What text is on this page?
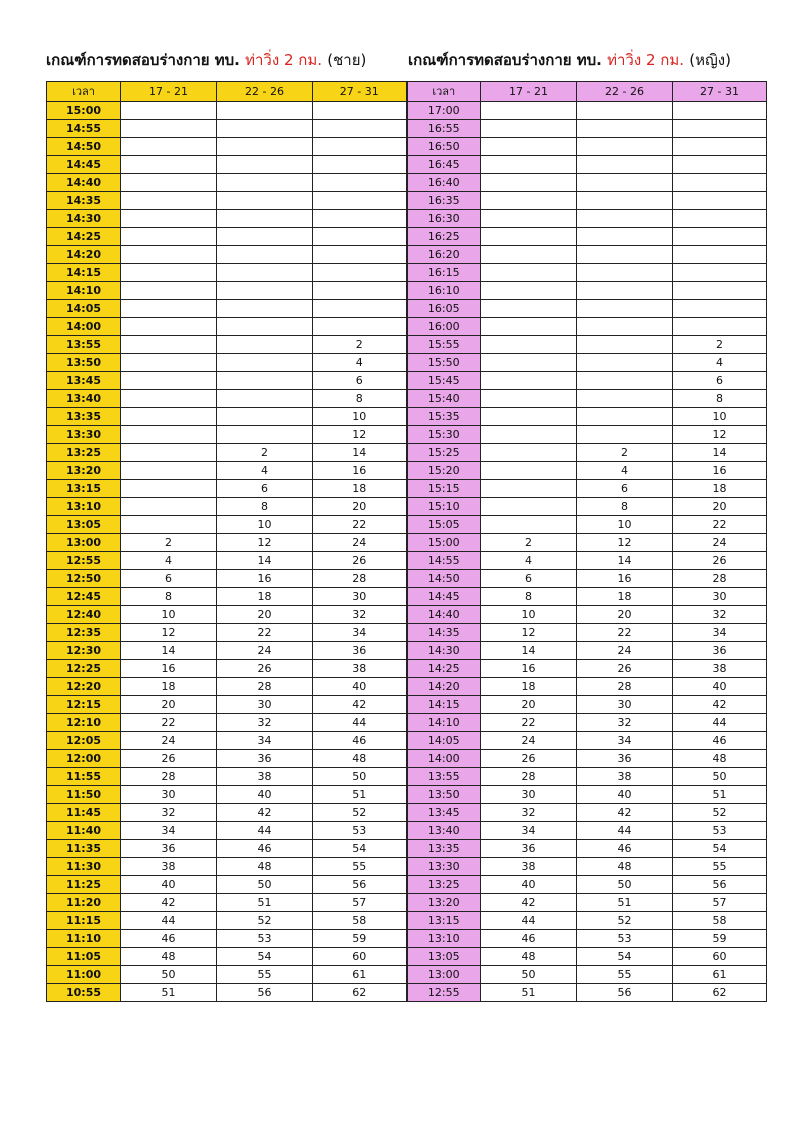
เกณฑ์การทดสอบร่างกาย ทบ. ท่าวิ่ง 2 กม. (ชาย)	เกณฑ์การทดสอบร่างกาย ทบ. ท่าวิ่ง 2 กม. (หญิง)
เวลา	17 - 21	22 - 26	27 - 31	เวลา	17 - 21	22 - 26	27 - 31
15:00				17:00			
14:55				16:55			
14:50				16:50			
14:45				16:45			
14:40				16:40			
14:35				16:35			
14:30				16:30			
14:25				16:25			
14:20				16:20			
14:15				16:15			
14:10				16:10			
14:05				16:05			
14:00				16:00			
13:55			2	15:55			2
13:50			4	15:50			4
13:45			6	15:45			6
13:40			8	15:40			8
13:35			10	15:35			10
13:30			12	15:30			12
13:25		2	14	15:25		2	14
13:20		4	16	15:20		4	16
13:15		6	18	15:15		6	18
13:10		8	20	15:10		8	20
13:05		10	22	15:05		10	22
13:00	2	12	24	15:00	2	12	24
12:55	4	14	26	14:55	4	14	26
12:50	6	16	28	14:50	6	16	28
12:45	8	18	30	14:45	8	18	30
12:40	10	20	32	14:40	10	20	32
12:35	12	22	34	14:35	12	22	34
12:30	14	24	36	14:30	14	24	36
12:25	16	26	38	14:25	16	26	38
12:20	18	28	40	14:20	18	28	40
12:15	20	30	42	14:15	20	30	42
12:10	22	32	44	14:10	22	32	44
12:05	24	34	46	14:05	24	34	46
12:00	26	36	48	14:00	26	36	48
11:55	28	38	50	13:55	28	38	50
11:50	30	40	51	13:50	30	40	51
11:45	32	42	52	13:45	32	42	52
11:40	34	44	53	13:40	34	44	53
11:35	36	46	54	13:35	36	46	54
11:30	38	48	55	13:30	38	48	55
11:25	40	50	56	13:25	40	50	56
11:20	42	51	57	13:20	42	51	57
11:15	44	52	58	13:15	44	52	58
11:10	46	53	59	13:10	46	53	59
11:05	48	54	60	13:05	48	54	60
11:00	50	55	61	13:00	50	55	61
10:55	51	56	62	12:55	51	56	62
